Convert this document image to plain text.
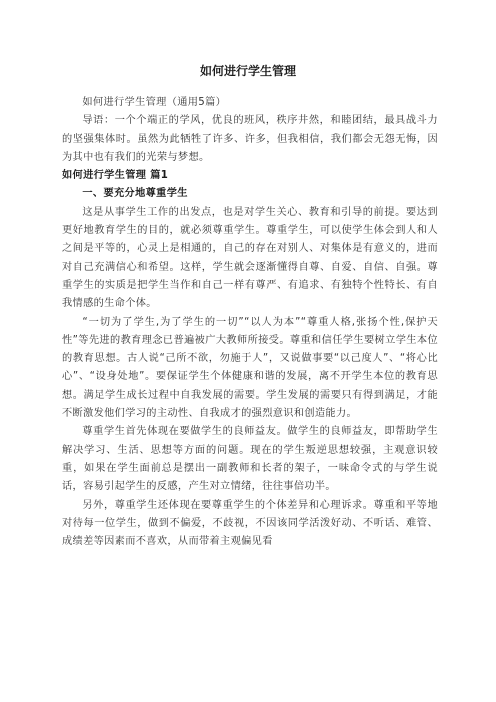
如何进行学生管理

如何进行学生管理（通用5篇）

导语：一个个端正的学风，优良的班风，秩序井然，和睦团结，最具战斗力的坚强集体时。虽然为此牺牲了许多、许多，但我相信，我们都会无怨无悔，因为其中也有我们的光荣与梦想。

如何进行学生管理 篇1

一、要充分地尊重学生

这是从事学生工作的出发点，也是对学生关心、教育和引导的前提。要达到更好地教育学生的目的，就必须尊重学生。尊重学生，可以使学生体会到人和人之间是平等的，心灵上是相通的，自己的存在对别人、对集体是有意义的，进而对自己充满信心和希望。这样，学生就会逐渐懂得自尊、自爱、自信、自强。尊重学生的实质是把学生当作和自己一样有尊严、有追求、有独特个性特长、有自我情感的生命个体。

“一切为了学生,为了学生的一切”“以人为本”“尊重人格,张扬个性,保护天性”等先进的教育理念已普遍被广大教师所接受。尊重和信任学生要树立学生本位的教育思想。古人说“己所不欲，勿施于人”，又说做事要“以己度人”、“将心比心”、“设身处地”。要保证学生个体健康和谐的发展，离不开学生本位的教育思想。满足学生成长过程中自我发展的需要。学生发展的需要只有得到满足，才能不断激发他们学习的主动性、自我成才的强烈意识和创造能力。

尊重学生首先体现在要做学生的良师益友。做学生的良师益友，即帮助学生解决学习、生活、思想等方面的问题。现在的学生叛逆思想较强，主观意识较重，如果在学生面前总是摆出一副教师和长者的架子，一味命令式的与学生说话，容易引起学生的反感，产生对立情绪，往往事倍功半。

另外，尊重学生还体现在要尊重学生的个体差异和心理诉求。尊重和平等地对待每一位学生，做到不偏爱，不歧视，不因该同学活泼好动、不听话、难管、成绩差等因素而不喜欢，从而带着主观偏见看
